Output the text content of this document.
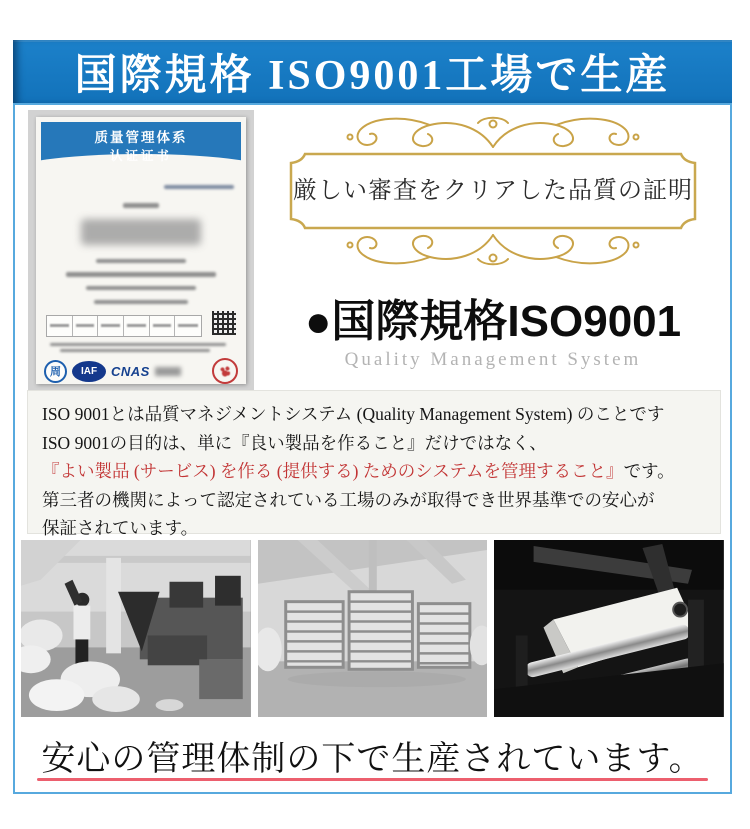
国際規格 ISO9001工場で生産
质量管理体系
认证证书
周	IAF	CNAS
厳しい審査をクリアした品質の証明
●国際規格ISO9001
Quality Management System
ISO 9001とは品質マネジメントシステム (Quality Management System) のことです
ISO 9001の目的は、単に『良い製品を作ること』だけではなく、
『よい製品 (サービス) を作る (提供する) ためのシステムを管理すること』です。
第三者の機関によって認定されている工場のみが取得でき世界基準での安心が
保証されています。
安心の管理体制の下で生産されています。
